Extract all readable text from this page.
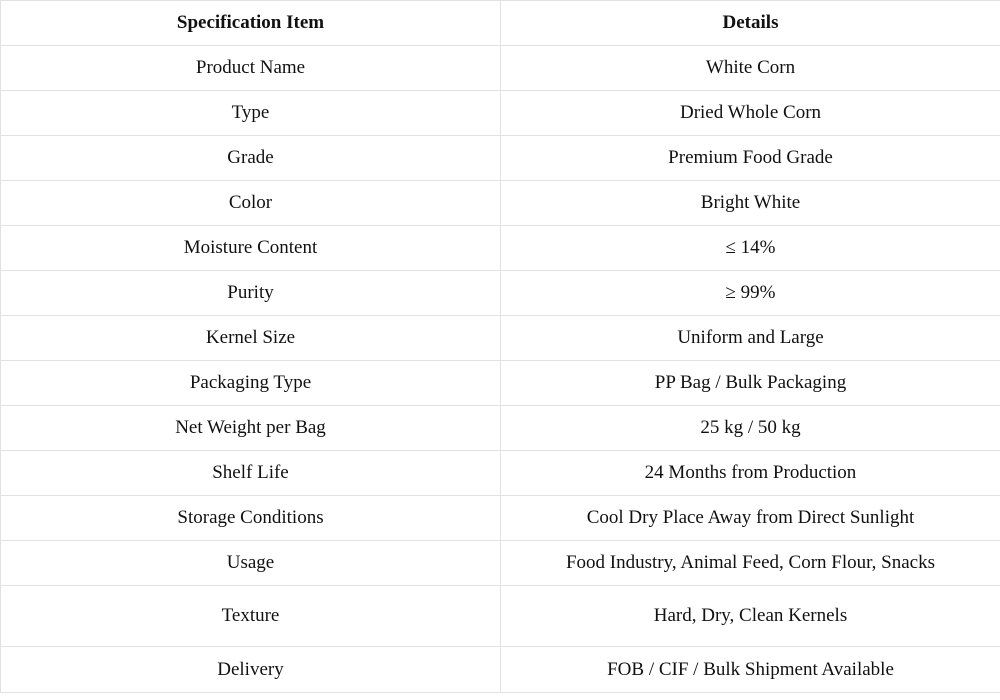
Specification Item	Details
Product Name	White Corn
Type	Dried Whole Corn
Grade	Premium Food Grade
Color	Bright White
Moisture Content	≤ 14%
Purity	≥ 99%
Kernel Size	Uniform and Large
Packaging Type	PP Bag / Bulk Packaging
Net Weight per Bag	25 kg / 50 kg
Shelf Life	24 Months from Production
Storage Conditions	Cool Dry Place Away from Direct Sunlight
Usage	Food Industry, Animal Feed, Corn Flour, Snacks
Texture	Hard, Dry, Clean Kernels
Delivery	FOB / CIF / Bulk Shipment Available
